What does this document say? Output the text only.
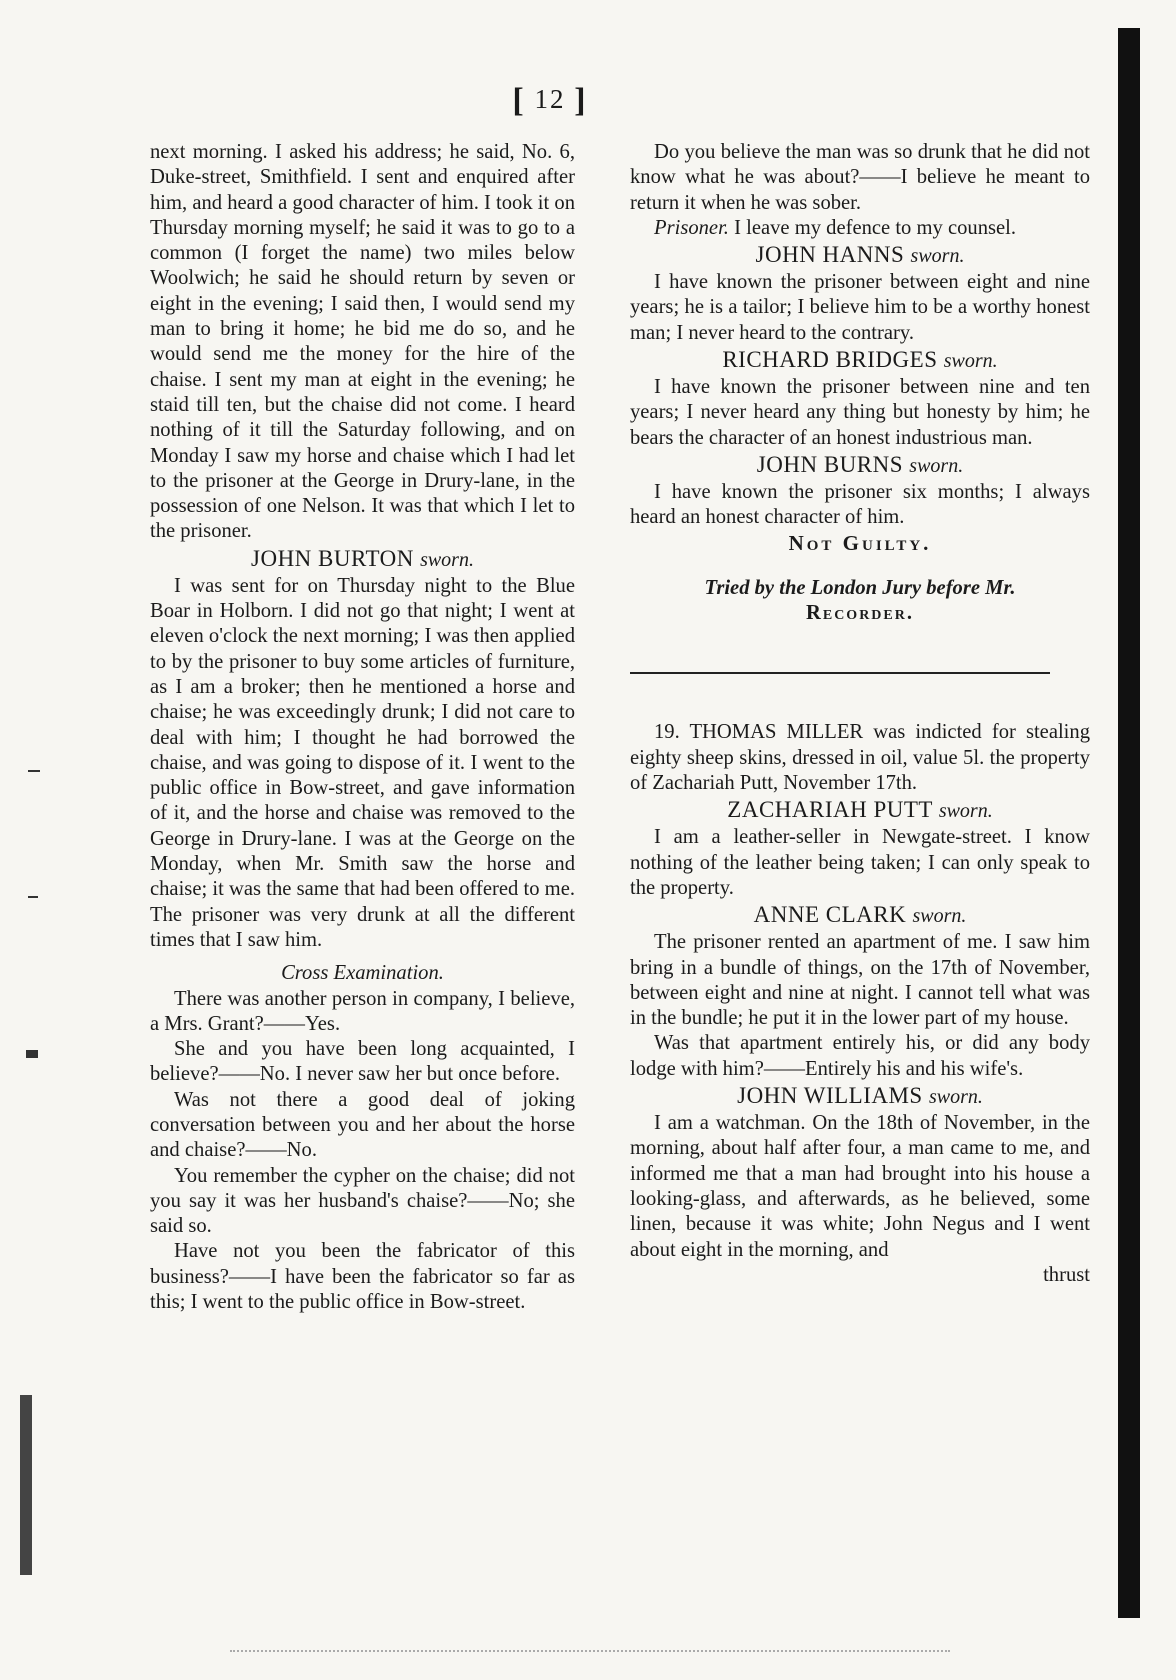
[ 12 ]

next morning. I asked his address; he said, No. 6, Duke-street, Smithfield. I sent and enquired after him, and heard a good character of him. I took it on Thursday morning myself; he said it was to go to a common (I forget the name) two miles below Woolwich; he said he should return by seven or eight in the evening; I said then, I would send my man to bring it home; he bid me do so, and he would send me the money for the hire of the chaise. I sent my man at eight in the evening; he staid till ten, but the chaise did not come. I heard nothing of it till the Saturday following, and on Monday I saw my horse and chaise which I had let to the prisoner at the George in Drury-lane, in the possession of one Nelson. It was that which I let to the prisoner.

JOHN BURTON sworn.

I was sent for on Thursday night to the Blue Boar in Holborn. I did not go that night; I went at eleven o'clock the next morning; I was then applied to by the prisoner to buy some articles of furniture, as I am a broker; then he mentioned a horse and chaise; he was exceedingly drunk; I did not care to deal with him; I thought he had borrowed the chaise, and was going to dispose of it. I went to the public office in Bow-street, and gave information of it, and the horse and chaise was removed to the George in Drury-lane. I was at the George on the Monday, when Mr. Smith saw the horse and chaise; it was the same that had been offered to me. The prisoner was very drunk at all the different times that I saw him.

Cross Examination.

There was another person in company, I believe, a Mrs. Grant?——Yes.

She and you have been long acquainted, I believe?——No. I never saw her but once before.

Was not there a good deal of joking conversation between you and her about the horse and chaise?——No.

You remember the cypher on the chaise; did not you say it was her husband's chaise?——No; she said so.

Have not you been the fabricator of this business?——I have been the fabricator so far as this; I went to the public office in Bow-street.

Do you believe the man was so drunk that he did not know what he was about?——I believe he meant to return it when he was sober.

Prisoner. I leave my defence to my counsel.

JOHN HANNS sworn.

I have known the prisoner between eight and nine years; he is a tailor; I believe him to be a worthy honest man; I never heard to the contrary.

RICHARD BRIDGES sworn.

I have known the prisoner between nine and ten years; I never heard any thing but honesty by him; he bears the character of an honest industrious man.

JOHN BURNS sworn.

I have known the prisoner six months; I always heard an honest character of him.

Not Guilty.

Tried by the London Jury before Mr.

Recorder.

19. THOMAS MILLER was indicted for stealing eighty sheep skins, dressed in oil, value 5l. the property of Zachariah Putt, November 17th.

ZACHARIAH PUTT sworn.

I am a leather-seller in Newgate-street. I know nothing of the leather being taken; I can only speak to the property.

ANNE CLARK sworn.

The prisoner rented an apartment of me. I saw him bring in a bundle of things, on the 17th of November, between eight and nine at night. I cannot tell what was in the bundle; he put it in the lower part of my house.

Was that apartment entirely his, or did any body lodge with him?——Entirely his and his wife's.

JOHN WILLIAMS sworn.

I am a watchman. On the 18th of November, in the morning, about half after four, a man came to me, and informed me that a man had brought into his house a looking-glass, and afterwards, as he believed, some linen, because it was white; John Negus and I went about eight in the morning, and

thrust
